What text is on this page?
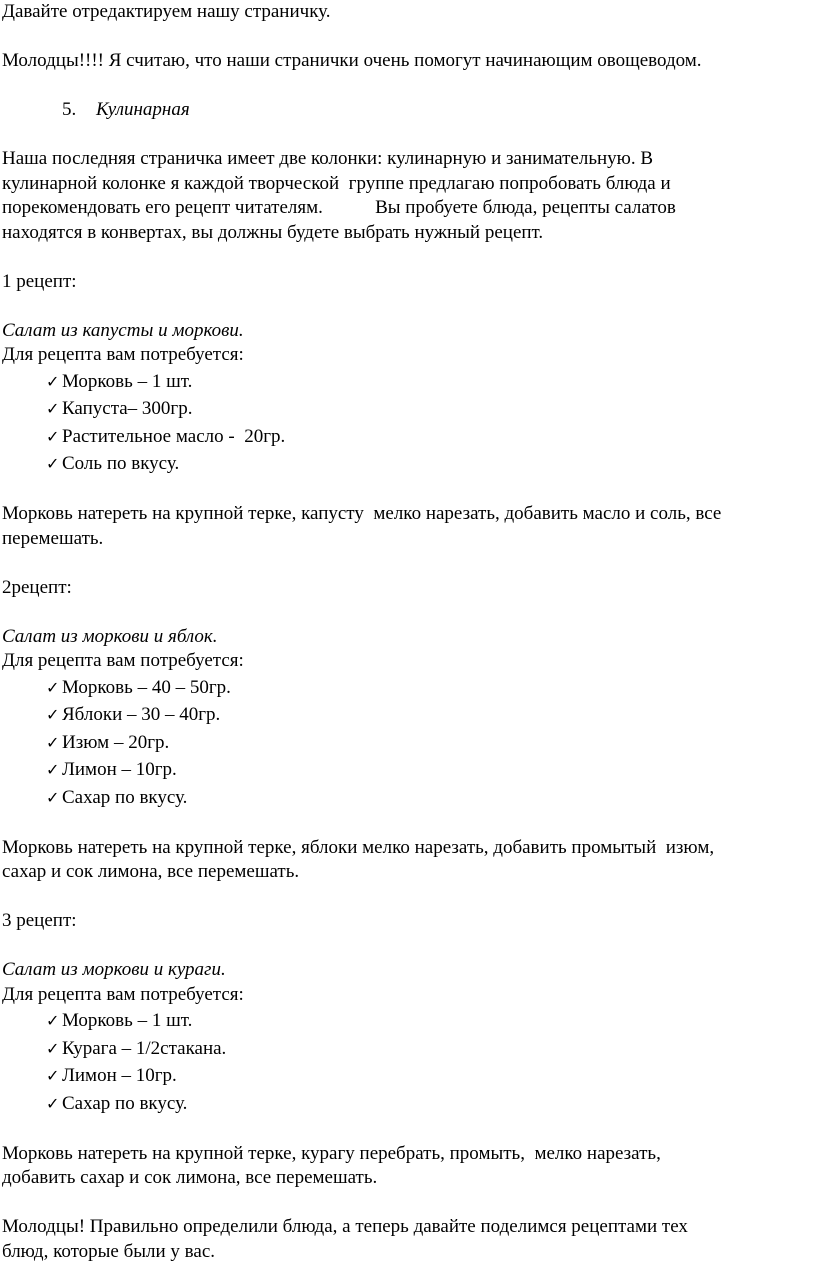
Давайте отредактируем нашу страничку.

Молодцы!!!! Я считаю, что наши странички очень помогут начинающим овощеводом.

5. Кулинарная

Наша последняя страничка имеет две колонки: кулинарную и занимательную. В

кулинарной колонке я каждой творческой  группе предлагаю попробовать блюда и

порекомендовать его рецепт читателям.           Вы пробуете блюда, рецепты салатов

находятся в конвертах, вы должны будете выбрать нужный рецепт.

1 рецепт:

Салат из капусты и моркови.

Для рецепта вам потребуется:

✓ Морковь – 1 шт.
✓ Капуста– 300гр.
✓ Растительное масло -  20гр.
✓ Соль по вкусу.

Морковь натереть на крупной терке, капусту  мелко нарезать, добавить масло и соль, все

перемешать.

2рецепт:

Салат из моркови и яблок.

Для рецепта вам потребуется:

✓ Морковь – 40 – 50гр.
✓ Яблоки – 30 – 40гр.
✓ Изюм – 20гр.
✓ Лимон – 10гр.
✓ Сахар по вкусу.

Морковь натереть на крупной терке, яблоки мелко нарезать, добавить промытый  изюм,

сахар и сок лимона, все перемешать.

3 рецепт:

Салат из моркови и кураги.

Для рецепта вам потребуется:

✓ Морковь – 1 шт.
✓ Курага – 1/2стакана.
✓ Лимон – 10гр.
✓ Сахар по вкусу.

Морковь натереть на крупной терке, курагу перебрать, промыть,  мелко нарезать,

добавить сахар и сок лимона, все перемешать.

Молодцы! Правильно определили блюда, а теперь давайте поделимся рецептами тех

блюд, которые были у вас.
